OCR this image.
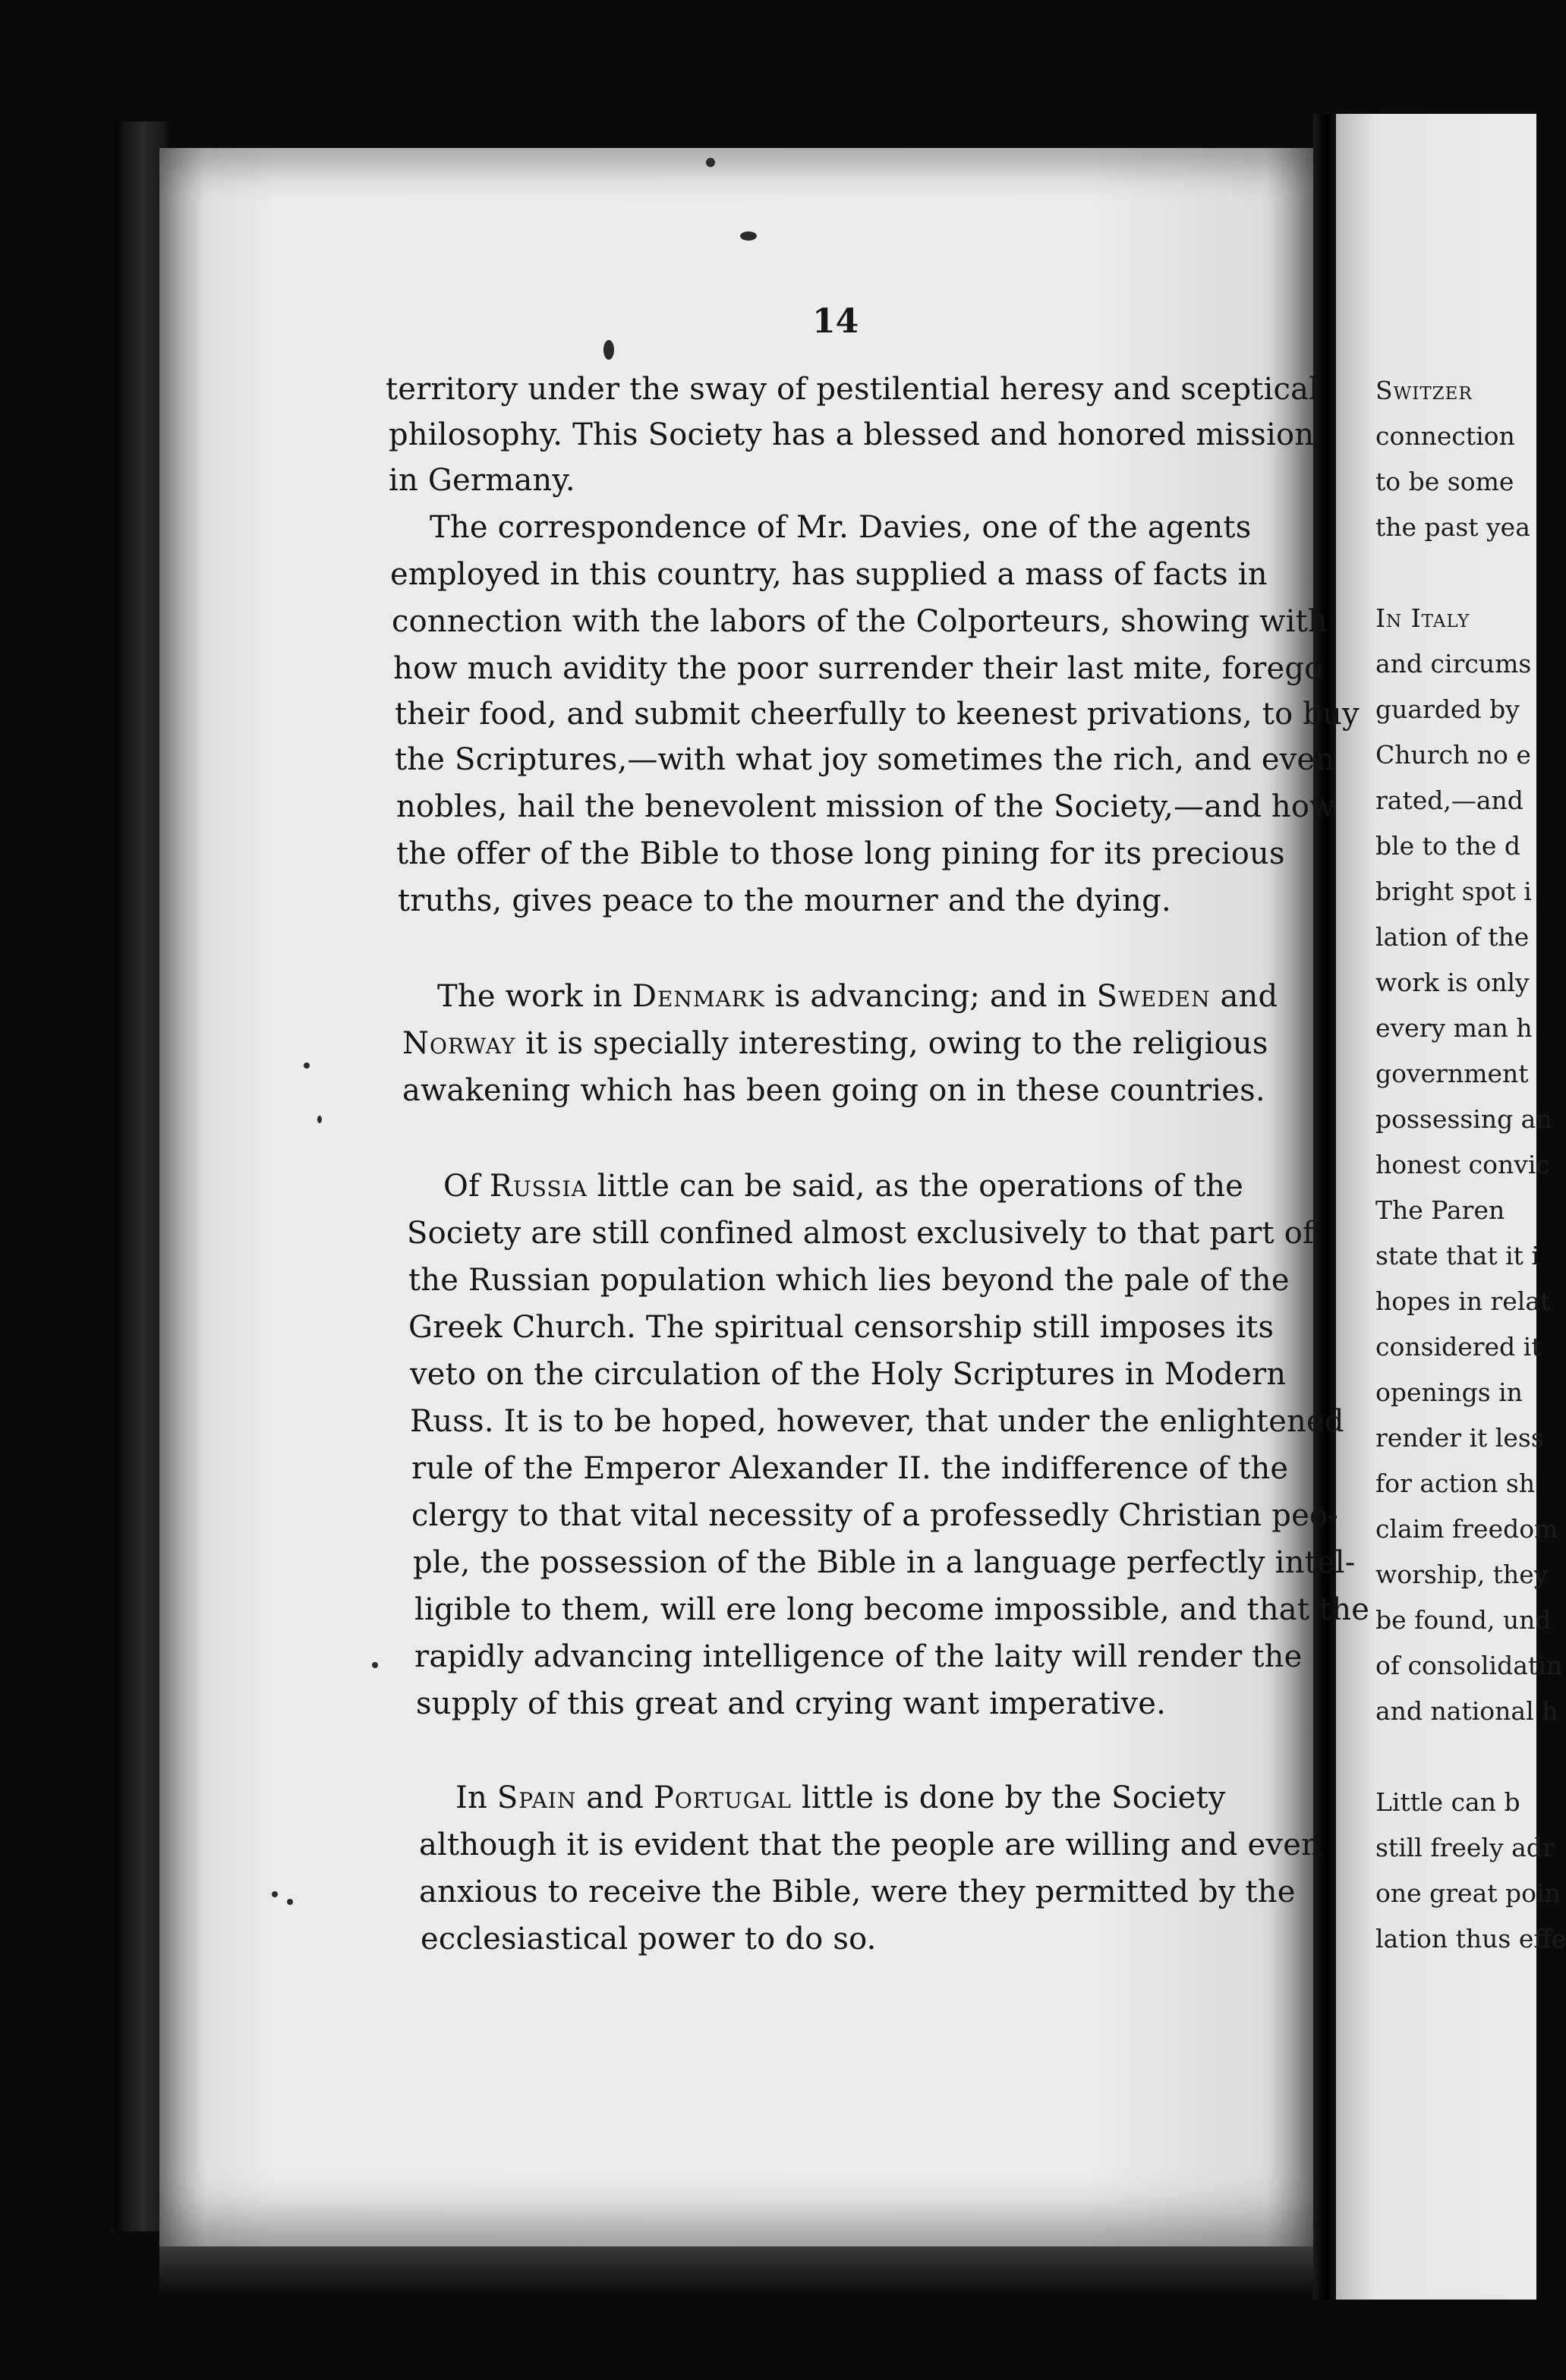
Switzer
connection
to be some
the past yea
In Italy
and circums
guarded by
Church no e
rated,—and
ble to the d
bright spot i
lation of the
work is only
every man h
government
possessing an
honest convic
The Paren
state that it i
hopes in relat
considered it
openings in
render it less
for action sh
claim freedom
worship, they
be found, und
of consolidatin
and national h
Little can b
still freely adr
one great poin
lation thus effe
14
territory under the sway of pestilential heresy and sceptical
philosophy. This Society has a blessed and honored mission
in Germany.
The correspondence of Mr. Davies, one of the agents
employed in this country, has supplied a mass of facts in
connection with the labors of the Colporteurs, showing with
how much avidity the poor surrender their last mite, forego
their food, and submit cheerfully to keenest privations, to buy
the Scriptures,—with what joy sometimes the rich, and even
nobles, hail the benevolent mission of the Society,—and how
the offer of the Bible to those long pining for its precious
truths, gives peace to the mourner and the dying.
The work in Denmark is advancing; and in Sweden and
Norway it is specially interesting, owing to the religious
awakening which has been going on in these countries.
Of Russia little can be said, as the operations of the
Society are still confined almost exclusively to that part of
the Russian population which lies beyond the pale of the
Greek Church. The spiritual censorship still imposes its
veto on the circulation of the Holy Scriptures in Modern
Russ. It is to be hoped, however, that under the enlightened
rule of the Emperor Alexander II. the indifference of the
clergy to that vital necessity of a professedly Christian peo-
ple, the possession of the Bible in a language perfectly intel-
ligible to them, will ere long become impossible, and that the
rapidly advancing intelligence of the laity will render the
supply of this great and crying want imperative.
In Spain and Portugal little is done by the Society
although it is evident that the people are willing and even
anxious to receive the Bible, were they permitted by the
ecclesiastical power to do so.
